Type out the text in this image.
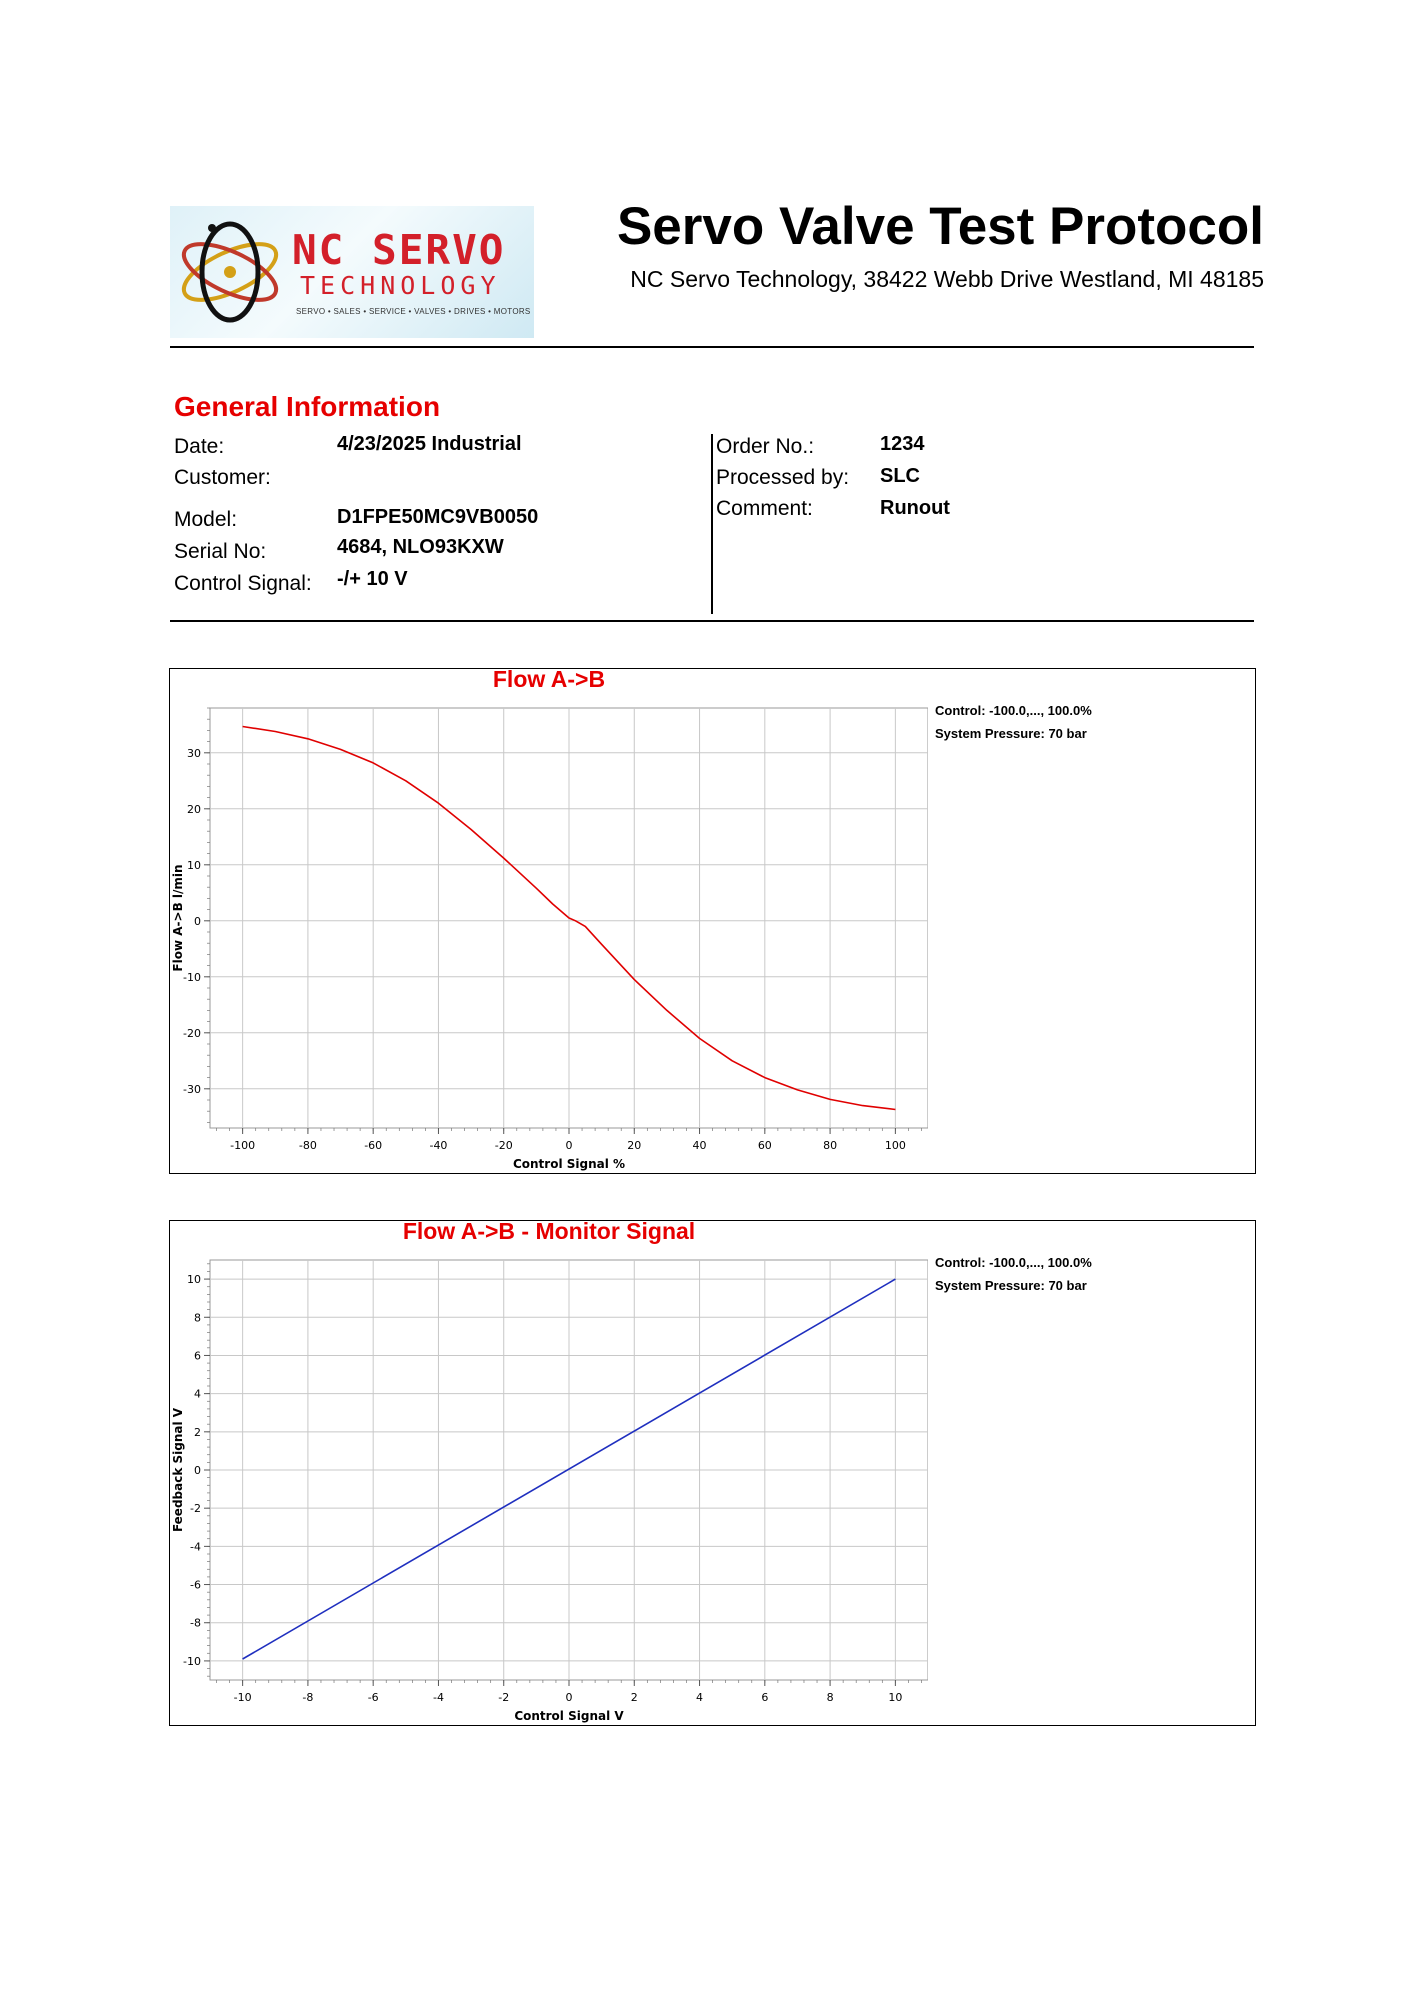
NC SERVO
TECHNOLOGY
SERVO • SALES • SERVICE • VALVES • DRIVES • MOTORS
Servo Valve Test Protocol
NC Servo Technology, 38422 Webb Drive Westland, MI 48185
General Information
Date:	4/23/2025 Industrial
Customer:
Model:	D1FPE50MC9VB0050
Serial No:	4684, NLO93KXW
Control Signal: -/+ 10 V
Order No.:	1234
Processed by: SLC
Comment:	Runout
Flow A->B
-100	-80	-60	-40	-20	0	20	40	60	80	100
30
20
10
0
-10
-20
-30
Control Signal %
Flow A->B l/min
Control: -100.0,..., 100.0%
System Pressure: 70 bar
Flow A->B - Monitor Signal
-10	-8	-6	-4	-2	0	2	4	6	8	10
10
8
6
4
2
0
-2
-4
-6
-8
-10
Control Signal V
Feedback Signal V
Control: -100.0,..., 100.0%
System Pressure: 70 bar
